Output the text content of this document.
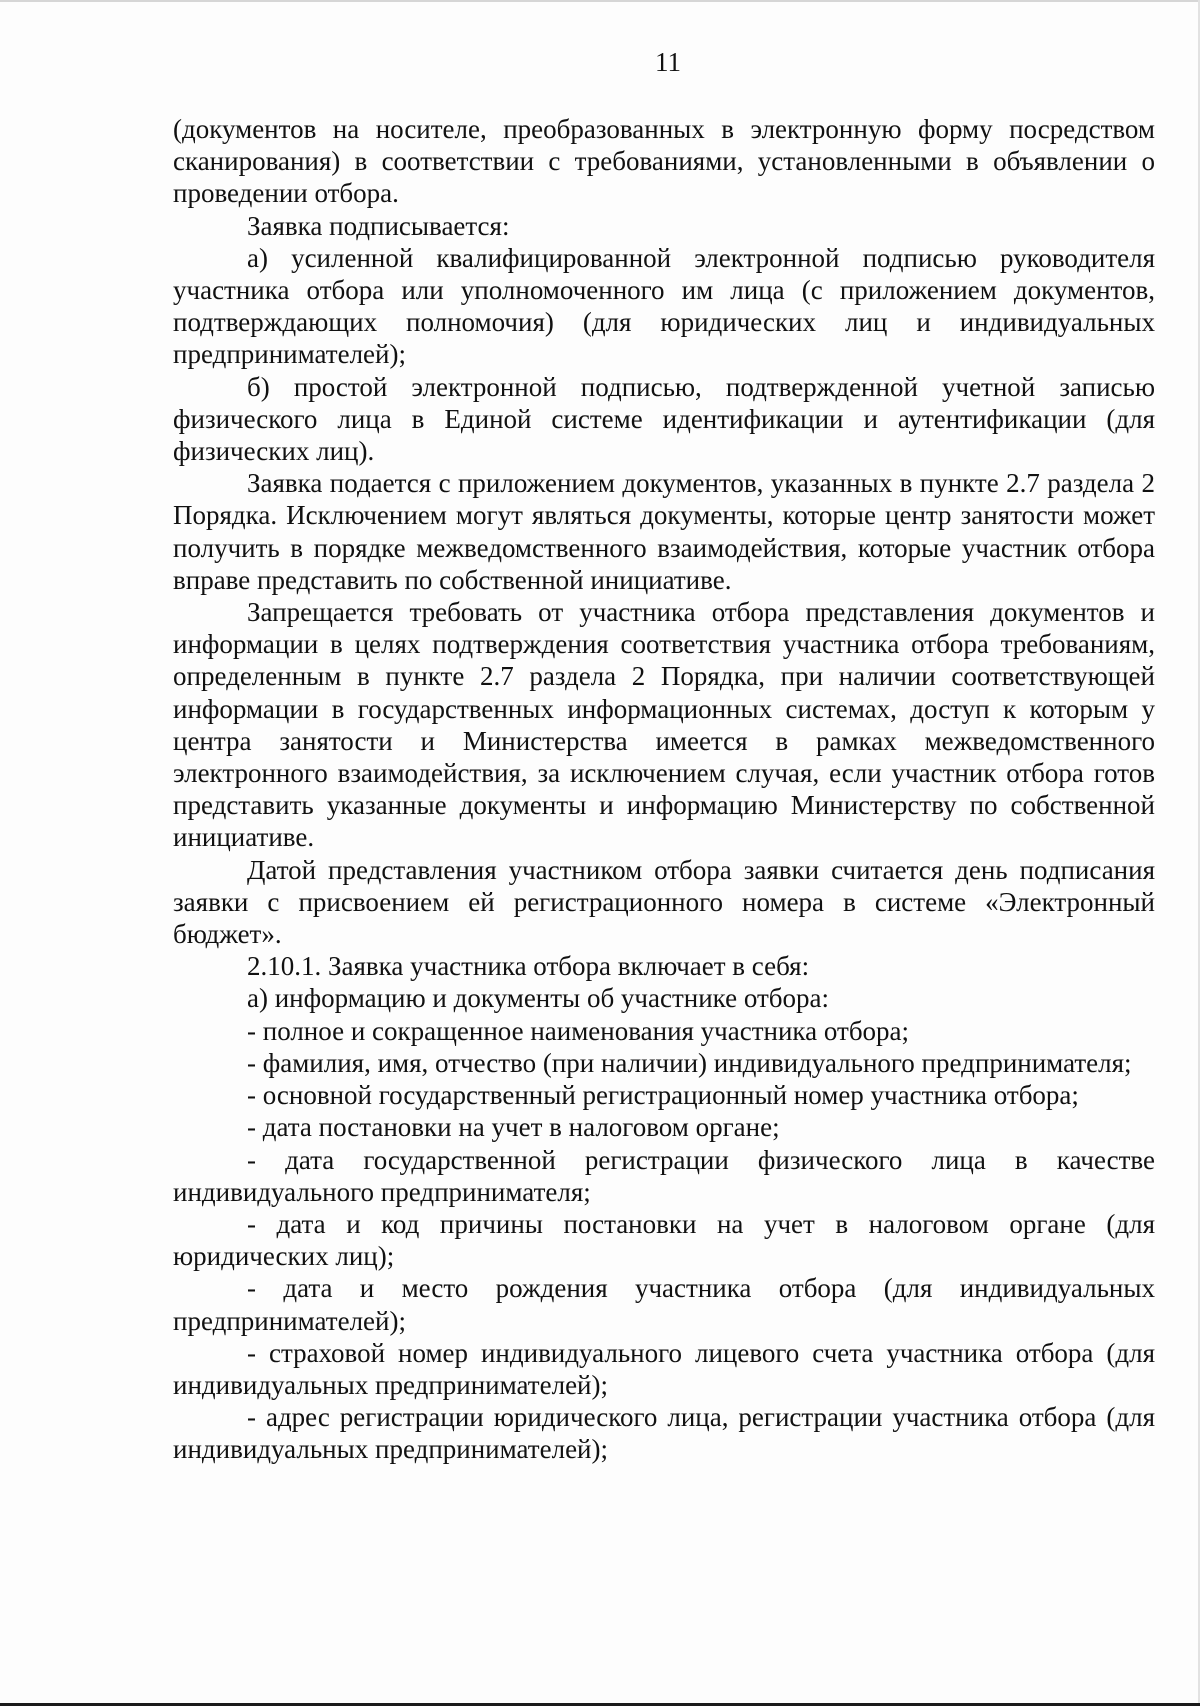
11

(документов на носителе, преобразованных в электронную форму посредством сканирования) в соответствии с требованиями, установленными в объявлении о проведении отбора.

Заявка подписывается:

а) усиленной квалифицированной электронной подписью руководителя участника отбора или уполномоченного им лица (с приложением документов, подтверждающих полномочия) (для юридических лиц и индивидуальных предпринимателей);

б) простой электронной подписью, подтвержденной учетной записью физического лица в Единой системе идентификации и аутентификации (для физических лиц).

Заявка подается с приложением документов, указанных в пункте 2.7 раздела 2 Порядка. Исключением могут являться документы, которые центр занятости может получить в порядке межведомственного взаимодействия, которые участник отбора вправе представить по собственной инициативе.

Запрещается требовать от участника отбора представления документов и информации в целях подтверждения соответствия участника отбора требованиям, определенным в пункте 2.7 раздела 2 Порядка, при наличии соответствующей информации в государственных информационных системах, доступ к которым у центра занятости и Министерства имеется в рамках межведомственного электронного взаимодействия, за исключением случая, если участник отбора готов представить указанные документы и информацию Министерству по собственной инициативе.

Датой представления участником отбора заявки считается день подписания заявки с присвоением ей регистрационного номера в системе «Электронный бюджет».

2.10.1. Заявка участника отбора включает в себя:

а) информацию и документы об участнике отбора:

- полное и сокращенное наименования участника отбора;

- фамилия, имя, отчество (при наличии) индивидуального предпринимателя;

- основной государственный регистрационный номер участника отбора;

- дата постановки на учет в налоговом органе;

- дата государственной регистрации физического лица в качестве индивидуального предпринимателя;

- дата и код причины постановки на учет в налоговом органе (для юридических лиц);

- дата и место рождения участника отбора (для индивидуальных предпринимателей);

- страховой номер индивидуального лицевого счета участника отбора (для индивидуальных предпринимателей);

- адрес регистрации юридического лица, регистрации участника отбора (для индивидуальных предпринимателей);
